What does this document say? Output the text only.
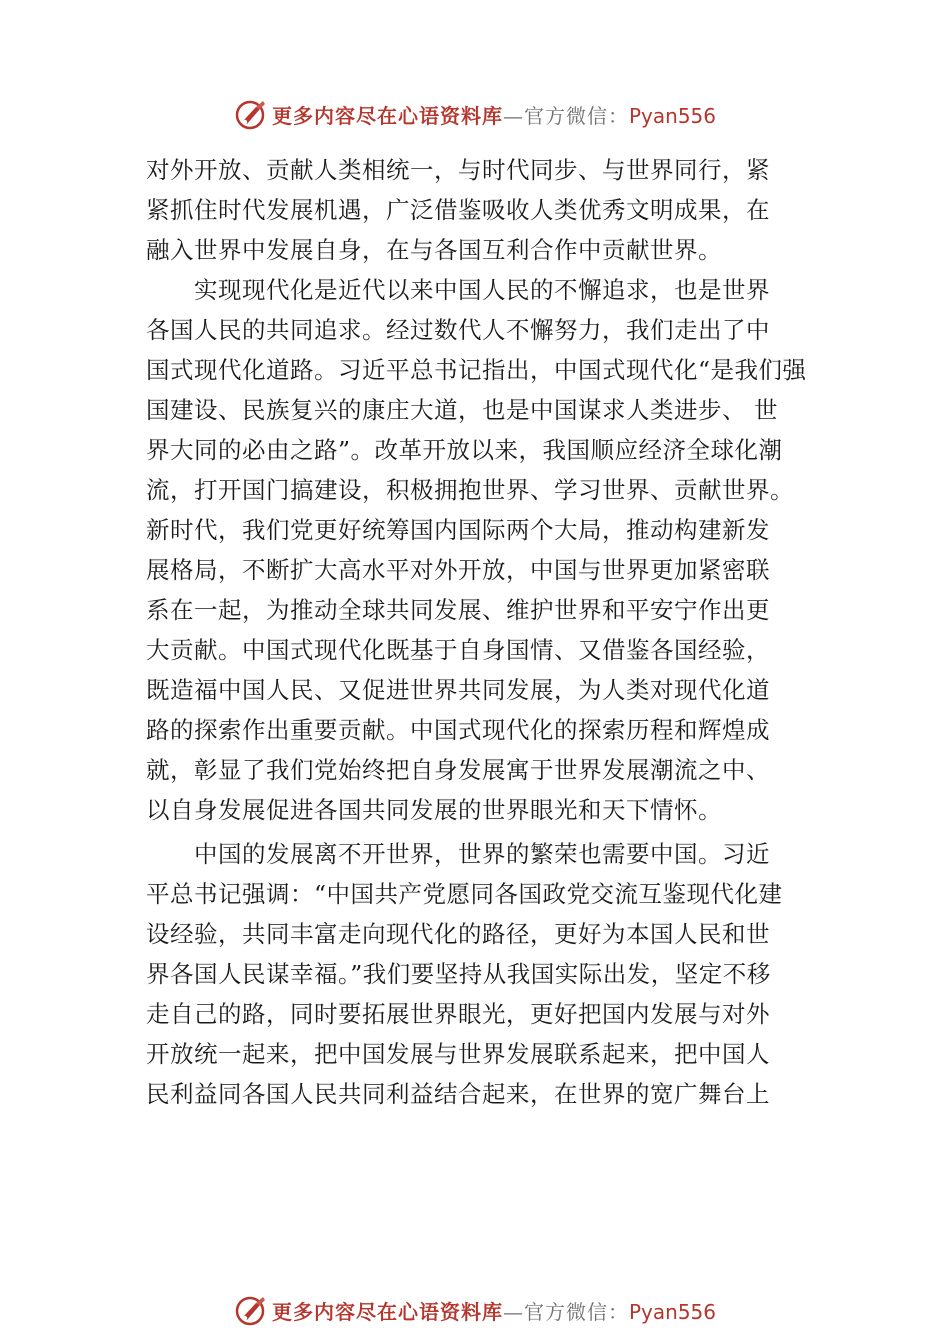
更多内容尽在心语资料库—官方微信：Pyan556
对外开放、贡献人类相统一，与时代同步、与世界同行，紧
紧抓住时代发展机遇，广泛借鉴吸收人类优秀文明成果，在
融入世界中发展自身，在与各国互利合作中贡献世界。
实现现代化是近代以来中国人民的不懈追求，也是世界
各国人民的共同追求。经过数代人不懈努力，我们走出了中
国式现代化道路。习近平总书记指出，中国式现代化“是我们强
国建设、民族复兴的康庄大道，也是中国谋求人类进步、 世
界大同的必由之路”。改革开放以来，我国顺应经济全球化潮
流，打开国门搞建设，积极拥抱世界、学习世界、贡献世界。
新时代，我们党更好统筹国内国际两个大局，推动构建新发
展格局，不断扩大高水平对外开放，中国与世界更加紧密联
系在一起，为推动全球共同发展、维护世界和平安宁作出更
大贡献。中国式现代化既基于自身国情、又借鉴各国经验，
既造福中国人民、又促进世界共同发展，为人类对现代化道
路的探索作出重要贡献。中国式现代化的探索历程和辉煌成
就，彰显了我们党始终把自身发展寓于世界发展潮流之中、
以自身发展促进各国共同发展的世界眼光和天下情怀。
中国的发展离不开世界，世界的繁荣也需要中国。习近
平总书记强调：“中国共产党愿同各国政党交流互鉴现代化建
设经验，共同丰富走向现代化的路径，更好为本国人民和世
界各国人民谋幸福。”我们要坚持从我国实际出发，坚定不移
走自己的路，同时要拓展世界眼光，更好把国内发展与对外
开放统一起来，把中国发展与世界发展联系起来，把中国人
民利益同各国人民共同利益结合起来，在世界的宽广舞台上
更多内容尽在心语资料库—官方微信：Pyan556
